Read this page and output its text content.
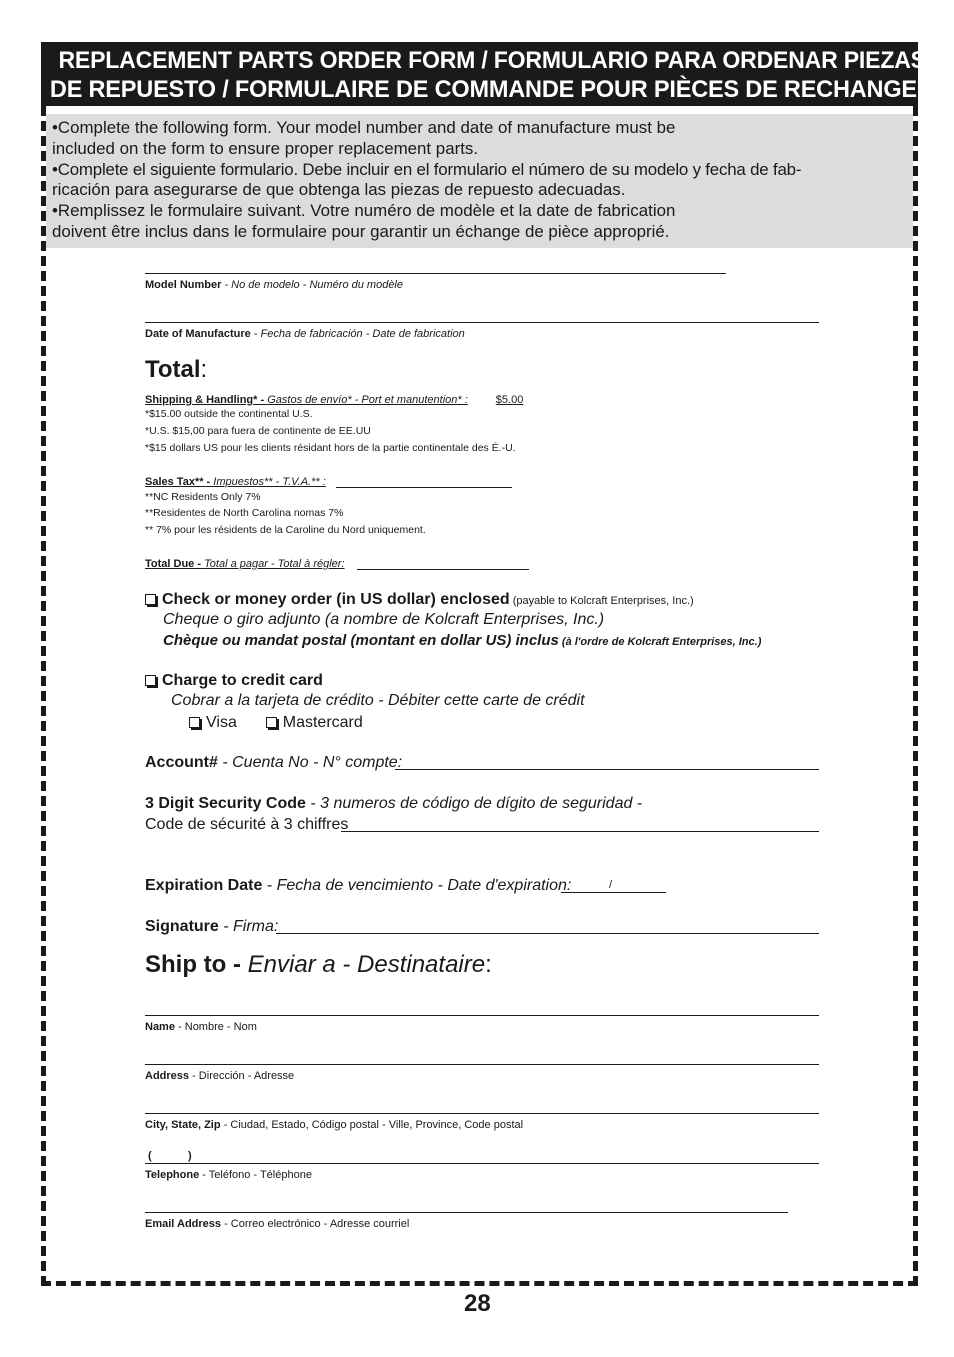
REPLACEMENT PARTS ORDER FORM / FORMULARIO PARA ORDENAR PIEZAS
DE REPUESTO / FORMULAIRE DE COMMANDE POUR PIÈCES DE RECHANGE

•Complete the following form. Your model number and date of manufacture must be

included on the form to ensure proper replacement parts.

•Complete el siguiente formulario. Debe incluir en el formulario el número de su modelo y fecha de fab-

ricación para asegurarse de que obtenga las piezas de repuesto adecuadas.

•Remplissez le formulaire suivant. Votre numéro de modèle et la date de fabrication

doivent être inclus dans le formulaire pour garantir un échange de pièce approprié.

Model Number - No de modelo - Numéro du modèle
Date of Manufacture - Fecha de fabricación - Date de fabrication
Total:
Shipping & Handling* - Gastos de envío* - Port et manutention* :	$5.00
*$15.00 outside the continental U.S.
*U.S. $15,00 para fuera de continente de EE.UU
*$15 dollars US pour les clients résidant hors de la partie continentale des É.-U.
Sales Tax** - Impuestos** - T.V.A.** :
**NC Residents Only 7%
**Residentes de North Carolina nomas 7%
** 7% pour les résidents de la Caroline du Nord uniquement.
Total Due - Total a pagar - Total à régler:
Check or money order (in US dollar) enclosed (payable to Kolcraft Enterprises, Inc.)
Cheque o giro adjunto (a nombre de Kolcraft Enterprises, Inc.)
Chèque ou mandat postal (montant en dollar US) inclus (à l'ordre de Kolcraft Enterprises, Inc.)
Charge to credit card
Cobrar a la tarjeta de crédito - Débiter cette carte de crédit
Visa	Mastercard
Account# - Cuenta No - N° compte:
3 Digit Security Code - 3 numeros de código de dígito de seguridad -
Code de sécurité à 3 chiffres
Expiration Date - Fecha de vencimiento - Date d'expiration:	/
Signature - Firma:
Ship to - Enviar a - Destinataire:
Name - Nombre - Nom
Address - Dirección - Adresse
City, State, Zip - Ciudad, Estado, Código postal - Ville, Province, Code postal
(	)
Telephone - Teléfono - Téléphone
Email Address - Correo electrónico - Adresse courriel
28
